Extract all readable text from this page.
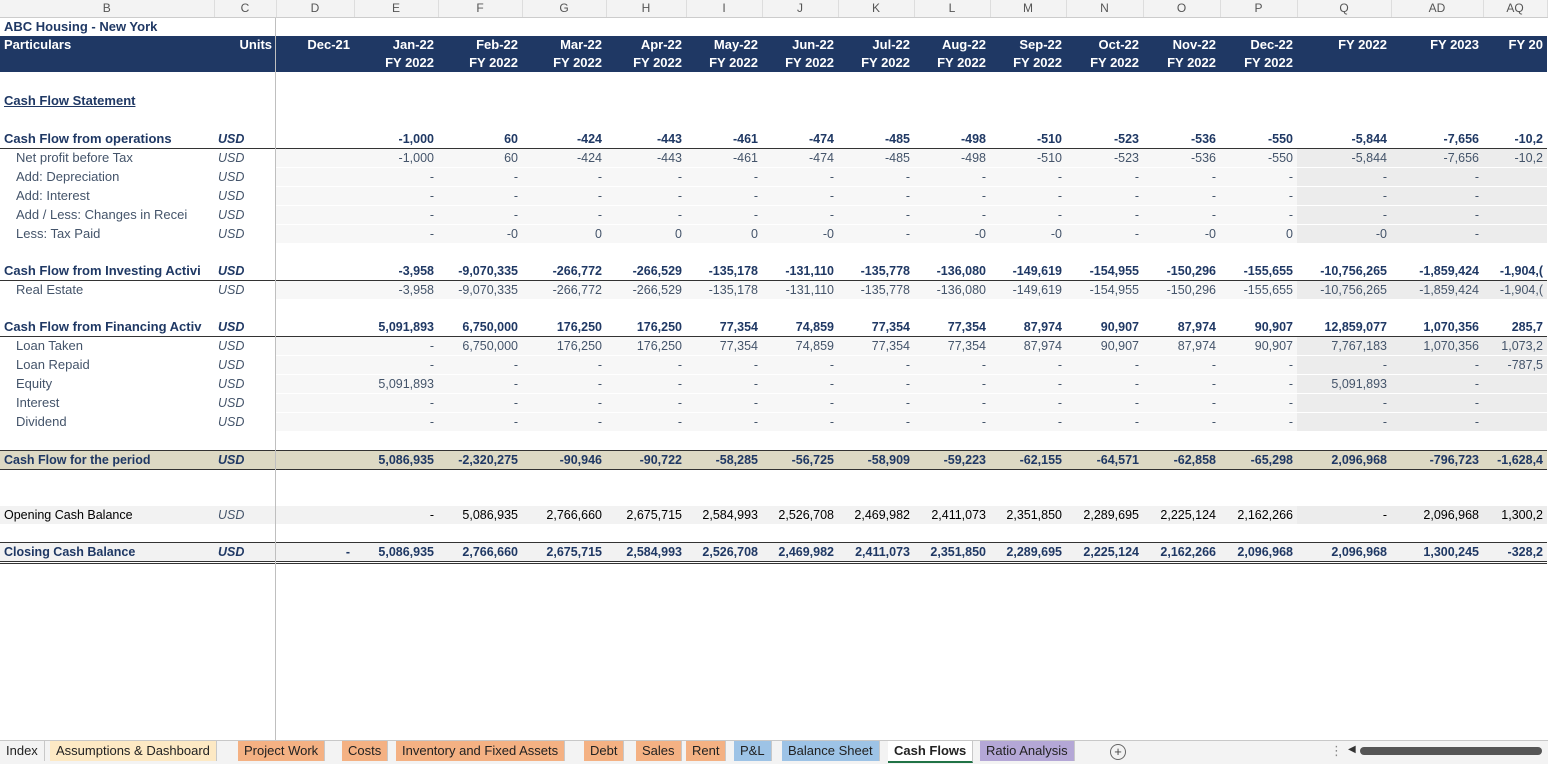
B	C	D	E	F	G	H	I	J	K	L	M	N	O	P	Q	AD	AQ
ABC Housing - New York																	
Particulars	Units	Dec-21	Jan-22	Feb-22	Mar-22	Apr-22	May-22	Jun-22	Jul-22	Aug-22	Sep-22	Oct-22	Nov-22	Dec-22	FY 2022	FY 2023	FY 20
			FY 2022	FY 2022	FY 2022	FY 2022	FY 2022	FY 2022	FY 2022	FY 2022	FY 2022	FY 2022	FY 2022	FY 2022			

Cash Flow Statement																	

Cash Flow from operations	USD		-1,000	60	-424	-443	-461	-474	-485	-498	-510	-523	-536	-550	-5,844	-7,656	-10,2
Net profit before Tax	USD		-1,000	60	-424	-443	-461	-474	-485	-498	-510	-523	-536	-550	-5,844	-7,656	-10,2
Add: Depreciation	USD		-	-	-	-	-	-	-	-	-	-	-	-	-	-	
Add: Interest	USD		-	-	-	-	-	-	-	-	-	-	-	-	-	-	
Add / Less: Changes in Recei	USD		-	-	-	-	-	-	-	-	-	-	-	-	-	-	
Less: Tax Paid	USD		-	-0	0	0	0	-0	-	-0	-0	-	-0	0	-0	-	

Cash Flow from Investing Activi	USD		-3,958	-9,070,335	-266,772	-266,529	-135,178	-131,110	-135,778	-136,080	-149,619	-154,955	-150,296	-155,655	-10,756,265	-1,859,424	-1,904,(
Real Estate	USD		-3,958	-9,070,335	-266,772	-266,529	-135,178	-131,110	-135,778	-136,080	-149,619	-154,955	-150,296	-155,655	-10,756,265	-1,859,424	-1,904,(

Cash Flow from Financing Activ	USD		5,091,893	6,750,000	176,250	176,250	77,354	74,859	77,354	77,354	87,974	90,907	87,974	90,907	12,859,077	1,070,356	285,7
Loan Taken	USD		-	6,750,000	176,250	176,250	77,354	74,859	77,354	77,354	87,974	90,907	87,974	90,907	7,767,183	1,070,356	1,073,2
Loan Repaid	USD		-	-	-	-	-	-	-	-	-	-	-	-	-	-	-787,5
Equity	USD		5,091,893	-	-	-	-	-	-	-	-	-	-	-	5,091,893	-	
Interest	USD		-	-	-	-	-	-	-	-	-	-	-	-	-	-	
Dividend	USD		-	-	-	-	-	-	-	-	-	-	-	-	-	-	

Cash Flow for the period	USD		5,086,935	-2,320,275	-90,946	-90,722	-58,285	-56,725	-58,909	-59,223	-62,155	-64,571	-62,858	-65,298	2,096,968	-796,723	-1,628,4

Opening Cash Balance	USD		-	5,086,935	2,766,660	2,675,715	2,584,993	2,526,708	2,469,982	2,411,073	2,351,850	2,289,695	2,225,124	2,162,266	-	2,096,968	1,300,2

Closing Cash Balance	USD	-	5,086,935	2,766,660	2,675,715	2,584,993	2,526,708	2,469,982	2,411,073	2,351,850	2,289,695	2,225,124	2,162,266	2,096,968	2,096,968	1,300,245	-328,2
Index	Assumptions & Dashboard	Project Work	Costs	Inventory and Fixed Assets	Debt	Sales	Rent	P&L	Balance Sheet	Cash Flows	Ratio Analysis	+	⋮ ◀
